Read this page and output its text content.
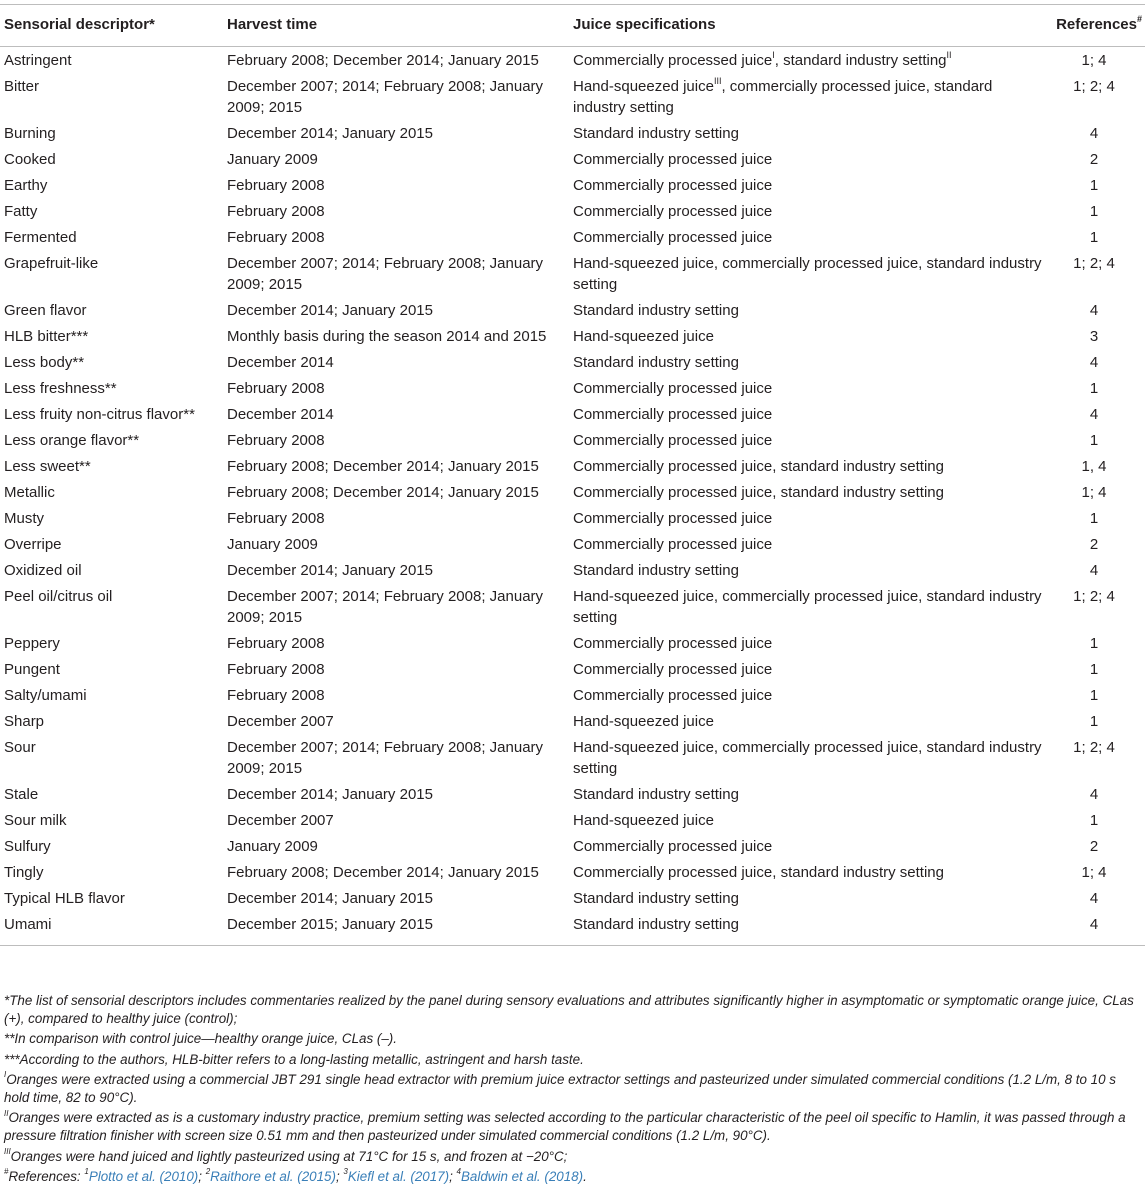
Sensorial descriptor*	Harvest time	Juice specifications	References#
Astringent	February 2008; December 2014; January 2015	Commercially processed juice$^I$, standard industry setting$^{II}$	1; 4
Bitter	December 2007; 2014; February 2008; January 2009; 2015	Hand-squeezed juice$^{III}$, commercially processed juice, standard industry setting	1; 2; 4
Burning	December 2014; January 2015	Standard industry setting	4
Cooked	January 2009	Commercially processed juice	2
Earthy	February 2008	Commercially processed juice	1
Fatty	February 2008	Commercially processed juice	1
Fermented	February 2008	Commercially processed juice	1
Grapefruit-like	December 2007; 2014; February 2008; January 2009; 2015	Hand-squeezed juice, commercially processed juice, standard industry setting	1; 2; 4
Green flavor	December 2014; January 2015	Standard industry setting	4
HLB bitter***	Monthly basis during the season 2014 and 2015	Hand-squeezed juice	3
Less body**	December 2014	Standard industry setting	4
Less freshness**	February 2008	Commercially processed juice	1
Less fruity non-citrus flavor**	December 2014	Commercially processed juice	4
Less orange flavor**	February 2008	Commercially processed juice	1
Less sweet**	February 2008; December 2014; January 2015	Commercially processed juice, standard industry setting	1, 4
Metallic	February 2008; December 2014; January 2015	Commercially processed juice, standard industry setting	1; 4
Musty	February 2008	Commercially processed juice	1
Overripe	January 2009	Commercially processed juice	2
Oxidized oil	December 2014; January 2015	Standard industry setting	4
Peel oil/citrus oil	December 2007; 2014; February 2008; January 2009; 2015	Hand-squeezed juice, commercially processed juice, standard industry setting	1; 2; 4
Peppery	February 2008	Commercially processed juice	1
Pungent	February 2008	Commercially processed juice	1
Salty/umami	February 2008	Commercially processed juice	1
Sharp	December 2007	Hand-squeezed juice	1
Sour	December 2007; 2014; February 2008; January 2009; 2015	Hand-squeezed juice, commercially processed juice, standard industry setting	1; 2; 4
Stale	December 2014; January 2015	Standard industry setting	4
Sour milk	December 2007	Hand-squeezed juice	1
Sulfury	January 2009	Commercially processed juice	2
Tingly	February 2008; December 2014; January 2015	Commercially processed juice, standard industry setting	1; 4
Typical HLB flavor	December 2014; January 2015	Standard industry setting	4
Umami	December 2015; January 2015	Standard industry setting	4

*The list of sensorial descriptors includes commentaries realized by the panel during sensory evaluations and attributes significantly higher in asymptomatic or symptomatic orange juice, CLas (+), compared to healthy juice (control);

**In comparison with control juice—healthy orange juice, CLas (–).

***According to the authors, HLB-bitter refers to a long-lasting metallic, astringent and harsh taste.

$^I$Oranges were extracted using a commercial JBT 291 single head extractor with premium juice extractor settings and pasteurized under simulated commercial conditions (1.2 L/m, 8 to 10 s hold time, 82 to 90°C).

$^{II}$Oranges were extracted as is a customary industry practice, premium setting was selected according to the particular characteristic of the peel oil specific to Hamlin, it was passed through a pressure filtration finisher with screen size 0.51 mm and then pasteurized under simulated commercial conditions (1.2 L/m, 90°C).

$^{III}$Oranges were hand juiced and lightly pasteurized using at 71°C for 15 s, and frozen at −20°C;

#References: $^1$Plotto et al. (2010); $^2$Raithore et al. (2015); $^3$Kiefl et al. (2017); $^4$Baldwin et al. (2018).
